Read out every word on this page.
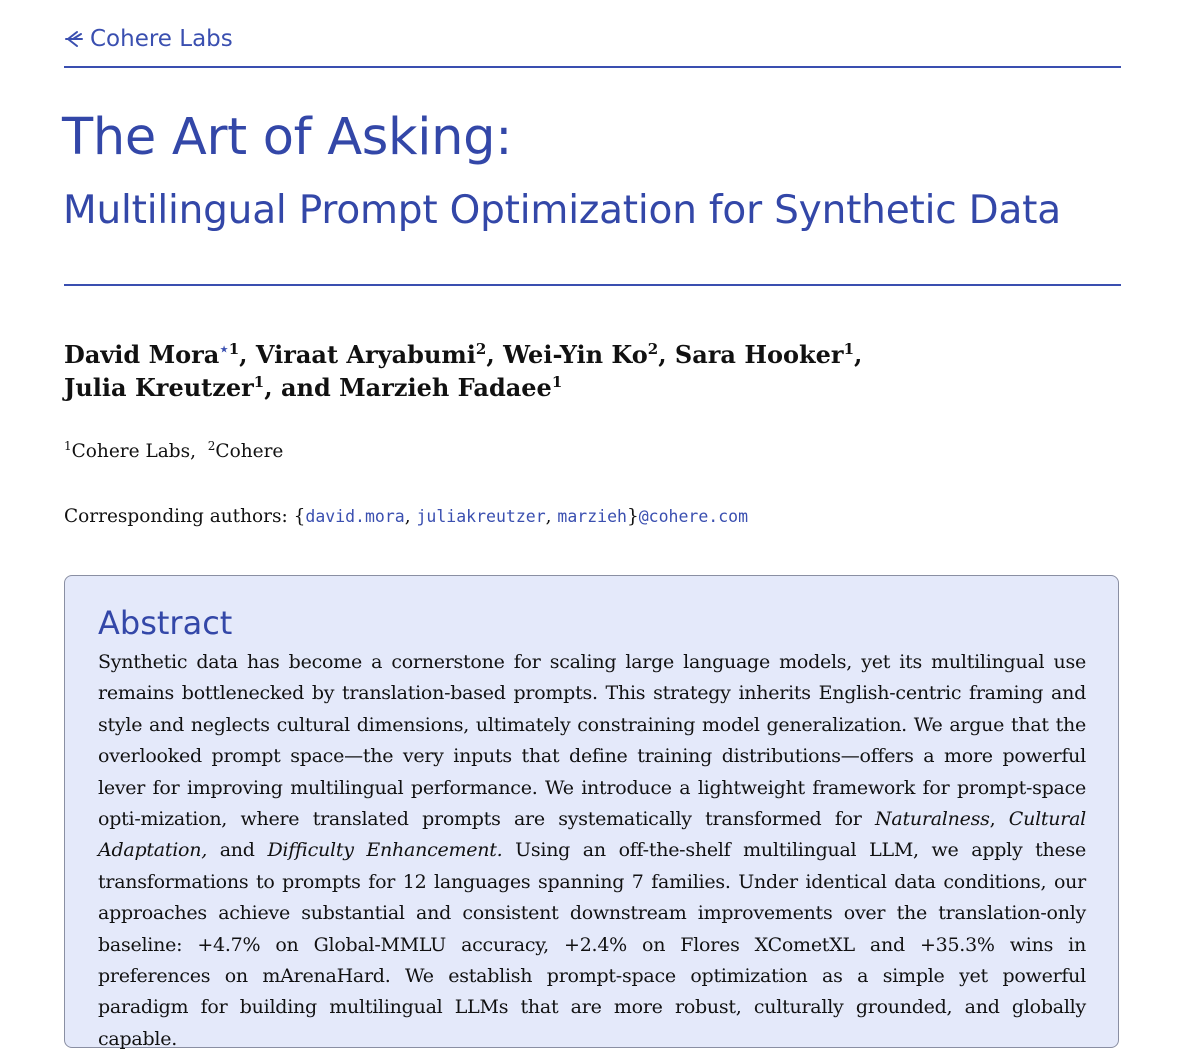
Cohere Labs
The Art of Asking:
Multilingual Prompt Optimization for Synthetic Data
David Mora$^{⋆1}$, Viraat Aryabumi$^2$, Wei-Yin Ko$^2$, Sara Hooker$^1$,
Julia Kreutzer$^1$, and Marzieh Fadaee$^1$
$^1$Cohere Labs, $^2$Cohere
Corresponding authors: {david.mora, juliakreutzer, marzieh}@cohere.com
Abstract

Synthetic data has become a cornerstone for scaling large language models, yet its multilingual use remains bottlenecked by translation-based prompts. This strategy inherits English-centric framing and style and neglects cultural dimensions, ultimately constraining model generalization. We argue that the overlooked prompt space—the very inputs that define training distributions—offers a more powerful lever for improving multilingual performance. We introduce a lightweight framework for prompt-space opti-mization, where translated prompts are systematically transformed for Naturalness, Cultural Adaptation, and Difficulty Enhancement. Using an off-the-shelf multilingual LLM, we apply these transformations to prompts for 12 languages spanning 7 families. Under identical data conditions, our approaches achieve substantial and consistent downstream improvements over the translation-only baseline: +4.7% on Global-MMLU accuracy, +2.4% on Flores XCometXL and +35.3% wins in preferences on mArenaHard. We establish prompt-space optimization as a simple yet powerful paradigm for building multilingual LLMs that are more robust, culturally grounded, and globally capable.
